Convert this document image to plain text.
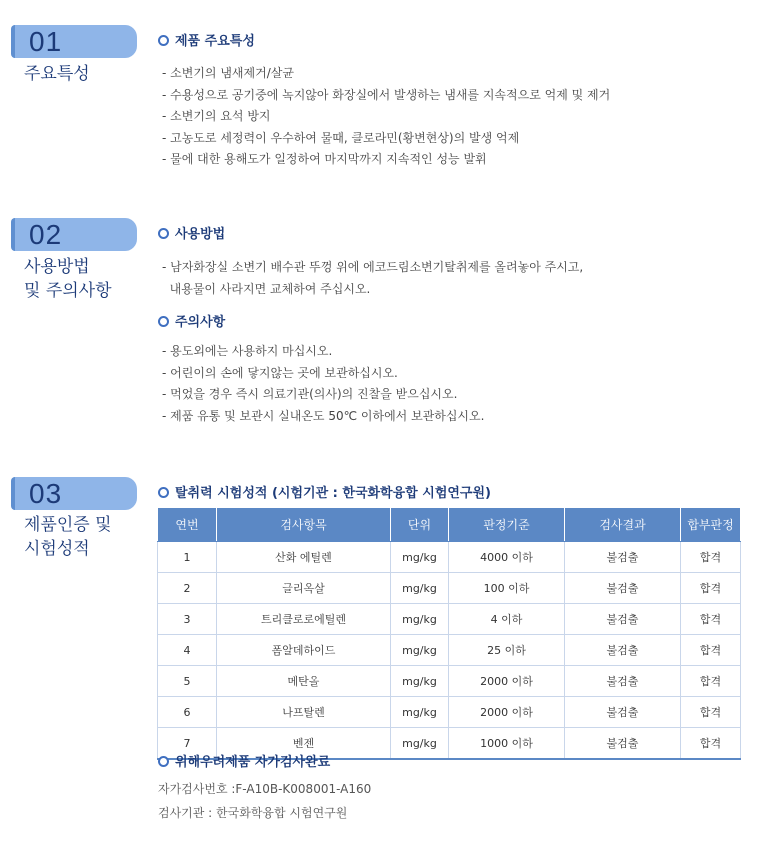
01
주요특성
제품 주요특성
- 소변기의 냄새제거/살균
- 수용성으로 공기중에 녹지않아 화장실에서 발생하는 냄새를 지속적으로 억제 및 제거
- 소변기의 요석 방지
- 고농도로 세정력이 우수하여 물때, 클로라민(황변현상)의 발생 억제
- 물에 대한 용해도가 일정하여 마지막까지 지속적인 성능 발휘
02
사용방법
및 주의사항
사용방법
- 남자화장실 소변기 배수관 뚜껑 위에 에코드림소변기탈취제를 올려놓아 주시고,
내용물이 사라지면 교체하여 주십시오.
주의사항
- 용도외에는 사용하지 마십시오.
- 어린이의 손에 닿지않는 곳에 보관하십시오.
- 먹었을 경우 즉시 의료기관(의사)의 진찰을 받으십시오.
- 제품 유통 및 보관시 실내온도 50℃ 이하에서 보관하십시오.
03
제품인증 및
시험성적
탈취력 시험성적 (시험기관 : 한국화학융합 시험연구원)
연번	검사항목	단위	판정기준	검사결과	합부판정
1	산화 에틸렌	mg/kg	4000 이하	불검출	합격
2	글리옥살	mg/kg	100 이하	불검출	합격
3	트리클로로에틸렌	mg/kg	4 이하	불검출	합격
4	폼알데하이드	mg/kg	25 이하	불검출	합격
5	메탄올	mg/kg	2000 이하	불검출	합격
6	나프탈렌	mg/kg	2000 이하	불검출	합격
7	벤젠	mg/kg	1000 이하	불검출	합격
위해우려제품 자가검사완료
자가검사번호 :F-A10B-K008001-A160
검사기관 : 한국화학융합 시험연구원
